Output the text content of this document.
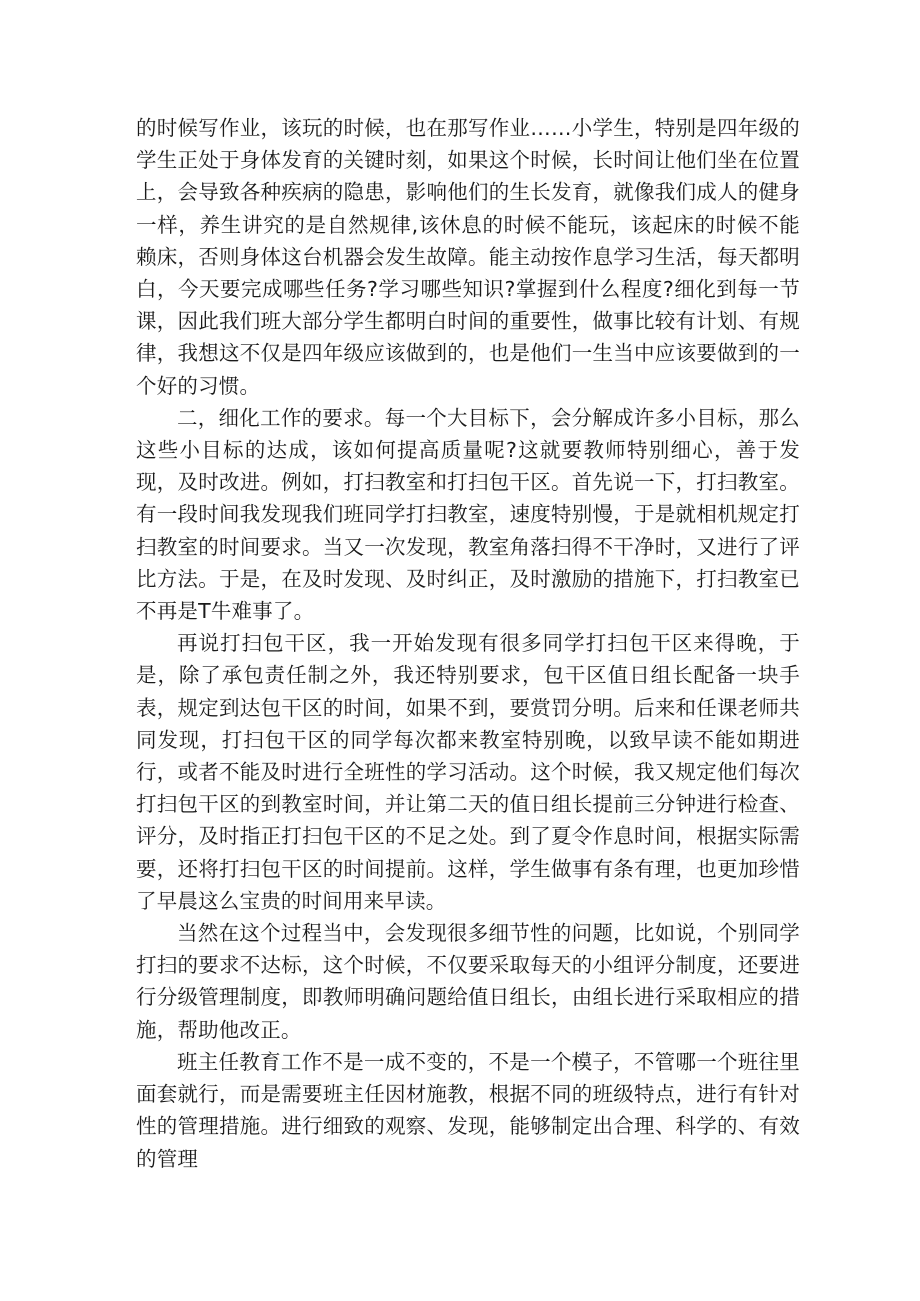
的时候写作业，该玩的时候，也在那写作业……小学生，特别是四年级的学生正处于身体发育的关键时刻，如果这个时候，长时间让他们坐在位置上，会导致各种疾病的隐患，影响他们的生长发育，就像我们成人的健身一样，养生讲究的是自然规律,该休息的时候不能玩，该起床的时候不能赖床，否则身体这台机器会发生故障。能主动按作息学习生活，每天都明白，今天要完成哪些任务?学习哪些知识?掌握到什么程度?细化到每一节课，因此我们班大部分学生都明白时间的重要性，做事比较有计划、有规律，我想这不仅是四年级应该做到的，也是他们一生当中应该要做到的一个好的习惯。

二，细化工作的要求。每一个大目标下，会分解成许多小目标，那么这些小目标的达成，该如何提高质量呢?这就要教师特别细心，善于发现，及时改进。例如，打扫教室和打扫包干区。首先说一下，打扫教室。有一段时间我发现我们班同学打扫教室，速度特别慢，于是就相机规定打扫教室的时间要求。当又一次发现，教室角落扫得不干净时，又进行了评比方法。于是，在及时发现、及时纠正，及时激励的措施下，打扫教室已不再是T牛难事了。

再说打扫包干区，我一开始发现有很多同学打扫包干区来得晚，于是，除了承包责任制之外，我还特别要求，包干区值日组长配备一块手表，规定到达包干区的时间，如果不到，要赏罚分明。后来和任课老师共同发现，打扫包干区的同学每次都来教室特别晚，以致早读不能如期进行，或者不能及时进行全班性的学习活动。这个时候，我又规定他们每次打扫包干区的到教室时间，并让第二天的值日组长提前三分钟进行检查、评分，及时指正打扫包干区的不足之处。到了夏令作息时间，根据实际需要，还将打扫包干区的时间提前。这样，学生做事有条有理，也更加珍惜了早晨这么宝贵的时间用来早读。

当然在这个过程当中，会发现很多细节性的问题，比如说，个别同学打扫的要求不达标，这个时候，不仅要采取每天的小组评分制度，还要进行分级管理制度，即教师明确问题给值日组长，由组长进行采取相应的措施，帮助他改正。

班主任教育工作不是一成不变的，不是一个模子，不管哪一个班往里面套就行，而是需要班主任因材施教，根据不同的班级特点，进行有针对性的管理措施。进行细致的观察、发现，能够制定出合理、科学的、有效的管理
